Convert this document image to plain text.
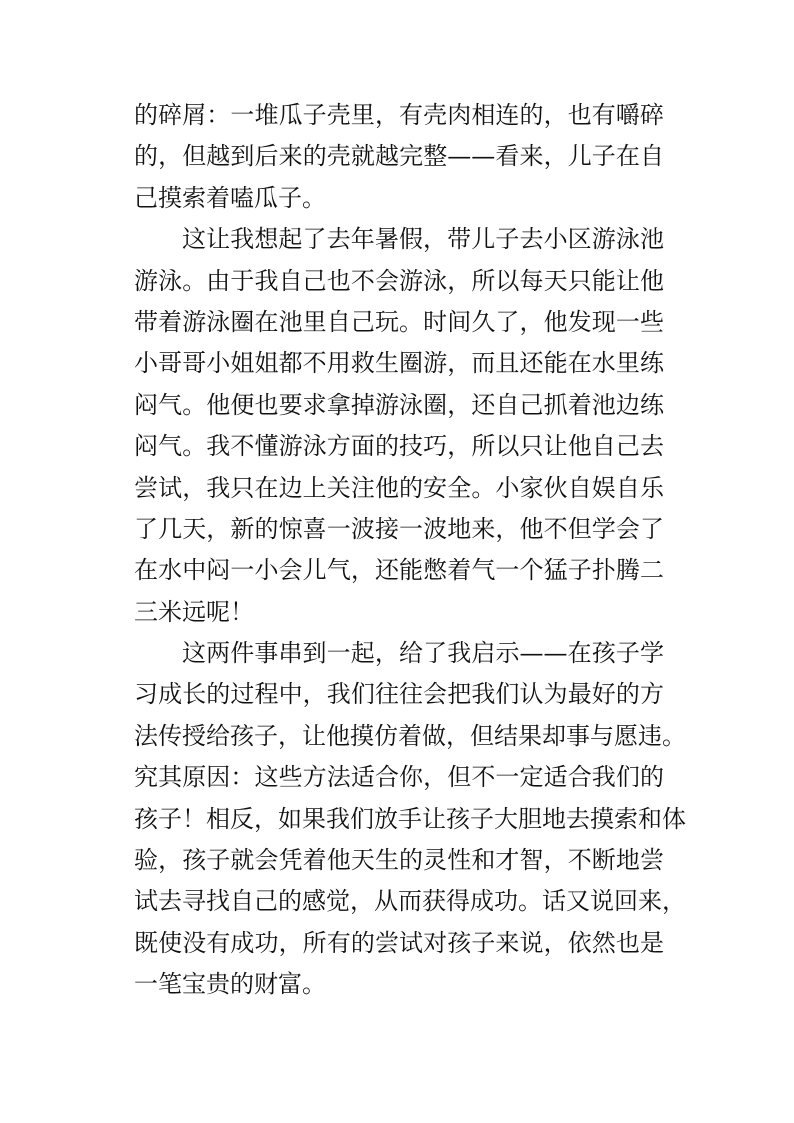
的碎屑：一堆瓜子壳里，有壳肉相连的，也有嚼碎
的，但越到后来的壳就越完整——看来，儿子在自
己摸索着嗑瓜子。
这让我想起了去年暑假，带儿子去小区游泳池
游泳。由于我自己也不会游泳，所以每天只能让他
带着游泳圈在池里自己玩。时间久了，他发现一些
小哥哥小姐姐都不用救生圈游，而且还能在水里练
闷气。他便也要求拿掉游泳圈，还自己抓着池边练
闷气。我不懂游泳方面的技巧，所以只让他自己去
尝试，我只在边上关注他的安全。小家伙自娱自乐
了几天，新的惊喜一波接一波地来，他不但学会了
在水中闷一小会儿气，还能憋着气一个猛子扑腾二
三米远呢！
这两件事串到一起，给了我启示——在孩子学
习成长的过程中，我们往往会把我们认为最好的方
法传授给孩子，让他摸仿着做，但结果却事与愿违。
究其原因：这些方法适合你，但不一定适合我们的
孩子！相反，如果我们放手让孩子大胆地去摸索和体
验，孩子就会凭着他天生的灵性和才智，不断地尝
试去寻找自己的感觉，从而获得成功。话又说回来，
既使没有成功，所有的尝试对孩子来说，依然也是
一笔宝贵的财富。
